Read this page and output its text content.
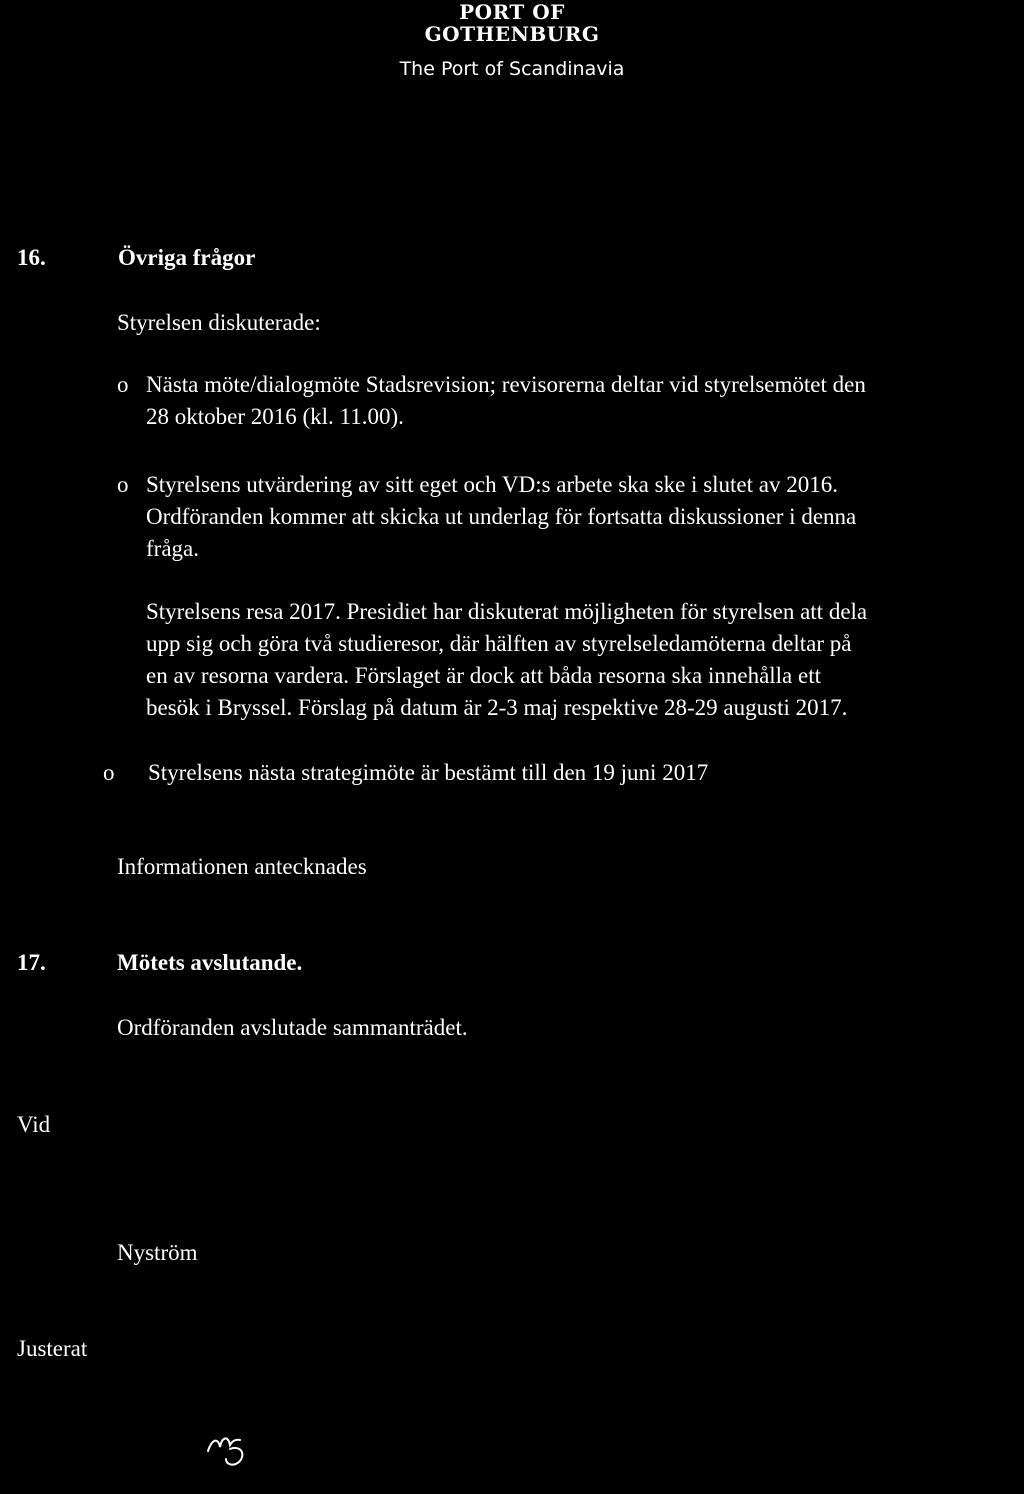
PORT OF
GOTHENBURG
The Port of Scandinavia
16.	Övriga frågor
Styrelsen diskuterade:
o Nästa möte/dialogmöte Stadsrevision; revisorerna deltar vid styrelsemötet den
28 oktober 2016 (kl. 11.00).
o Styrelsens utvärdering av sitt eget och VD:s arbete ska ske i slutet av 2016.
Ordföranden kommer att skicka ut underlag för fortsatta diskussioner i denna
fråga.
Styrelsens resa 2017. Presidiet har diskuterat möjligheten för styrelsen att dela
upp sig och göra två studieresor, där hälften av styrelseledamöterna deltar på
en av resorna vardera. Förslaget är dock att båda resorna ska innehålla ett
besök i Bryssel. Förslag på datum är 2-3 maj respektive 28-29 augusti 2017.
o Styrelsens nästa strategimöte är bestämt till den 19 juni 2017
Informationen antecknades
17.	Mötets avslutande.
Ordföranden avslutade sammanträdet.
Vid
Nyström
Justerat
